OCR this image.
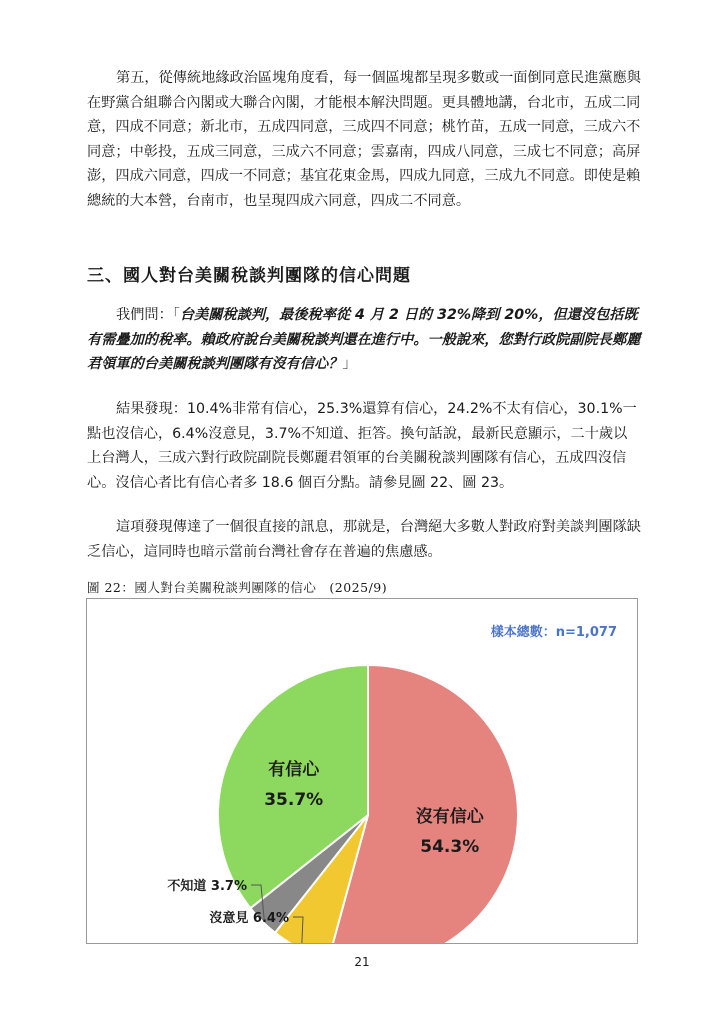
第五，從傳統地緣政治區塊角度看，每一個區塊都呈現多數或一面倒同意民進黨應與在野黨合組聯合內閣或大聯合內閣，才能根本解決問題。更具體地講，台北市，五成二同意，四成不同意；新北市，五成四同意，三成四不同意；桃竹苗，五成一同意，三成六不同意；中彰投，五成三同意，三成六不同意；雲嘉南，四成八同意，三成七不同意；高屏澎，四成六同意，四成一不同意；基宜花東金馬，四成九同意，三成九不同意。即使是賴總統的大本營，台南市，也呈現四成六同意，四成二不同意。

三、國人對台美關稅談判團隊的信心問題

我們問：「台美關稅談判，最後稅率從 4 月 2 日的 32%降到 20%，但還沒包括既有需疊加的稅率。賴政府說台美關稅談判還在進行中。一般說來，您對行政院副院長鄭麗君領軍的台美關稅談判團隊有沒有信心？」

結果發現：10.4%非常有信心，25.3%還算有信心，24.2%不太有信心，30.1%一點也沒信心，6.4%沒意見，3.7%不知道、拒答。換句話說，最新民意顯示，二十歲以上台灣人，三成六對行政院副院長鄭麗君領軍的台美關稅談判團隊有信心，五成四沒信心。沒信心者比有信心者多 18.6 個百分點。請參見圖 22、圖 23。

這項發現傳達了一個很直接的訊息，那就是，台灣絕大多數人對政府對美談判團隊缺乏信心，這同時也暗示當前台灣社會存在普遍的焦慮感。

圖 22：國人對台美關稅談判團隊的信心　(2025/9)

沒有信心
54.3%
有信心
35.7%
不知道 3.7%
沒意見 6.4%

樣本總數：n=1,077

21
